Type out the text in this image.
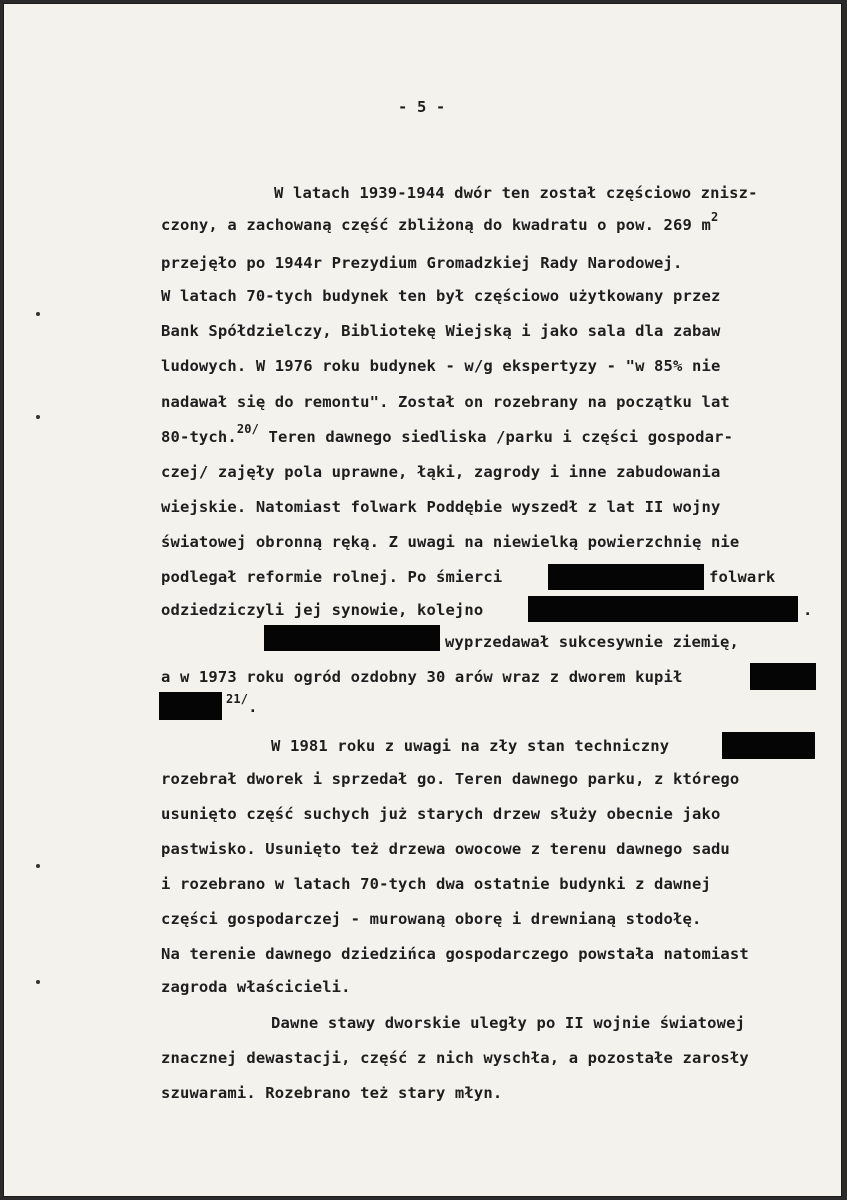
- 5 -
W latach 1939-1944 dwór ten został częściowo znisz-
czony, a zachowaną część zbliżoną do kwadratu o pow. 269 $m^2$
przejęło po 1944r Prezydium Gromadzkiej Rady Narodowej.
W latach 70-tych budynek ten był częściowo użytkowany przez
Bank Spółdzielczy, Bibliotekę Wiejską i jako sala dla zabaw
ludowych. W 1976 roku budynek - w/g ekspertyzy - "w 85% nie
nadawał się do remontu". Został on rozebrany na początku lat
80-tych.$^{20/}$ Teren dawnego siedliska /parku i części gospodar-
czej/ zajęły pola uprawne, łąki, zagrody i inne zabudowania
wiejskie. Natomiast folwark Poddębie wyszedł z lat II wojny
światowej obronną ręką. Z uwagi na niewielką powierzchnię nie
podlegał reformie rolnej. Po śmierci	folwark
odziedziczyli jej synowie, kolejno	.
wyprzedawał sukcesywnie ziemię,
a w 1973 roku ogród ozdobny 30 arów wraz z dworem kupił
$^{21/}$.
W 1981 roku z uwagi na zły stan techniczny
rozebrał dworek i sprzedał go. Teren dawnego parku, z którego
usunięto część suchych już starych drzew służy obecnie jako
pastwisko. Usunięto też drzewa owocowe z terenu dawnego sadu
i rozebrano w latach 70-tych dwa ostatnie budynki z dawnej
części gospodarczej - murowaną oborę i drewnianą stodołę.
Na terenie dawnego dziedzińca gospodarczego powstała natomiast
zagroda właścicieli.
Dawne stawy dworskie uległy po II wojnie światowej
znacznej dewastacji, część z nich wyschła, a pozostałe zarosły
szuwarami. Rozebrano też stary młyn.
